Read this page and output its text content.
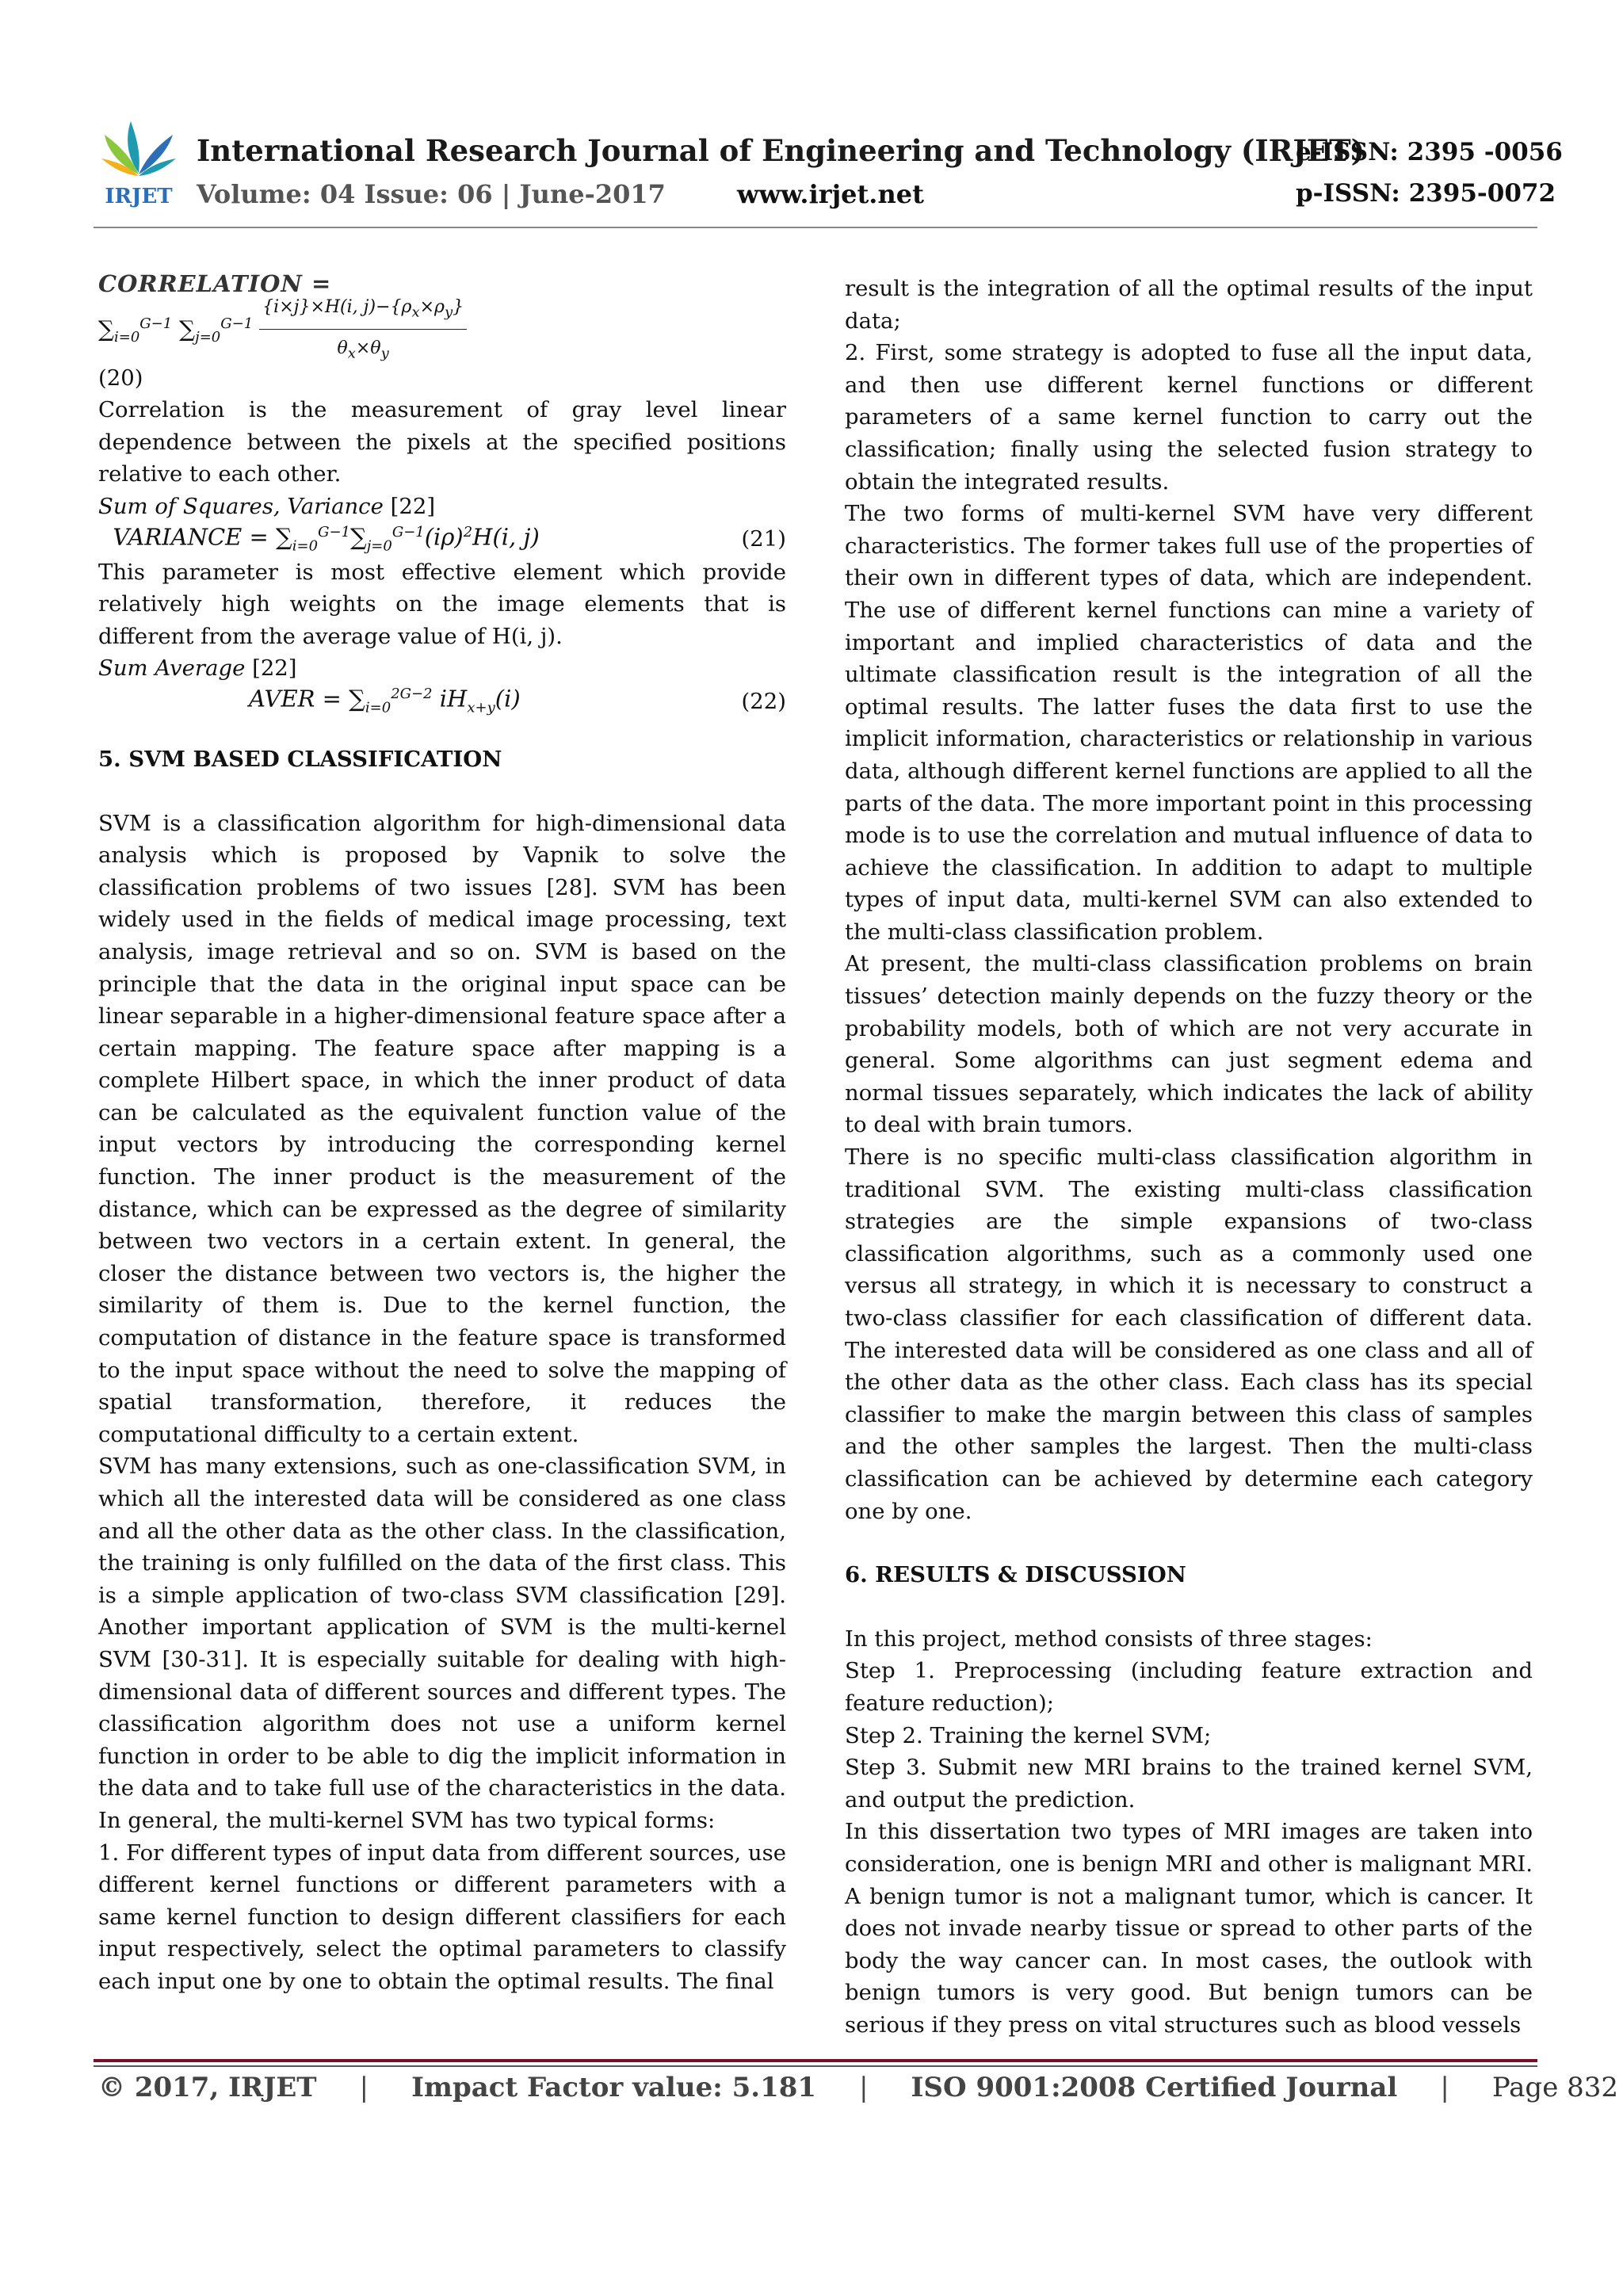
IRJET
International Research Journal of Engineering and Technology (IRJET)
e-ISSN: 2395 -0056
Volume: 04 Issue: 06 | June-2017	www.irjet.net	p-ISSN: 2395-0072
CORRELATION =
$\sum_{i=0}^{G-1}$ $\sum_{j=0}^{G-1} \frac{\{i\times j\}\times H(i, j)-\{\rho_x\times\rho_y\}}{\theta_x\times\theta_y}$

(20)

Correlation is the measurement of gray level linear dependence between the pixels at the specified positions relative to each other.

Sum of Squares, Variance [22]

VARIANCE = $\sum_{i=0}^{G-1}\sum_{j=0}^{G-1}(i\rho)^2H(i$, j)	(21)

This parameter is most effective element which provide relatively high weights on the image elements that is different from the average value of H(i, j).

Sum Average [22]

AVER = $\sum_{i=0}^{2G-2}$ $iH_{x+y}(i)$	(22)

5. SVM BASED CLASSIFICATION

SVM is a classification algorithm for high-dimensional data analysis which is proposed by Vapnik to solve the classification problems of two issues [28]. SVM has been widely used in the fields of medical image processing, text analysis, image retrieval and so on. SVM is based on the principle that the data in the original input space can be linear separable in a higher-dimensional feature space after a certain mapping. The feature space after mapping is a complete Hilbert space, in which the inner product of data can be calculated as the equivalent function value of the input vectors by introducing the corresponding kernel function. The inner product is the measurement of the distance, which can be expressed as the degree of similarity between two vectors in a certain extent. In general, the closer the distance between two vectors is, the higher the similarity of them is. Due to the kernel function, the computation of distance in the feature space is transformed to the input space without the need to solve the mapping of spatial transformation, therefore, it reduces the computational difficulty to a certain extent.

SVM has many extensions, such as one-classification SVM, in which all the interested data will be considered as one class and all the other data as the other class. In the classification, the training is only fulfilled on the data of the first class. This is a simple application of two-class SVM classification [29]. Another important application of SVM is the multi-kernel SVM [30-31]. It is especially suitable for dealing with high-dimensional data of different sources and different types. The classification algorithm does not use a uniform kernel function in order to be able to dig the implicit information in the data and to take full use of the characteristics in the data. In general, the multi-kernel SVM has two typical forms:

1. For different types of input data from different sources, use different kernel functions or different parameters with a same kernel function to design different classifiers for each input respectively, select the optimal parameters to classify each input one by one to obtain the optimal results. The final

result is the integration of all the optimal results of the input data;

2. First, some strategy is adopted to fuse all the input data, and then use different kernel functions or different parameters of a same kernel function to carry out the classification; finally using the selected fusion strategy to obtain the integrated results.

The two forms of multi-kernel SVM have very different characteristics. The former takes full use of the properties of their own in different types of data, which are independent. The use of different kernel functions can mine a variety of important and implied characteristics of data and the ultimate classification result is the integration of all the optimal results. The latter fuses the data first to use the implicit information, characteristics or relationship in various data, although different kernel functions are applied to all the parts of the data. The more important point in this processing mode is to use the correlation and mutual influence of data to achieve the classification. In addition to adapt to multiple types of input data, multi-kernel SVM can also extended to the multi-class classification problem.

At present, the multi-class classification problems on brain tissues’ detection mainly depends on the fuzzy theory or the probability models, both of which are not very accurate in general. Some algorithms can just segment edema and normal tissues separately, which indicates the lack of ability to deal with brain tumors.

There is no specific multi-class classification algorithm in traditional SVM. The existing multi-class classification strategies are the simple expansions of two-class classification algorithms, such as a commonly used one versus all strategy, in which it is necessary to construct a two-class classifier for each classification of different data. The interested data will be considered as one class and all of the other data as the other class. Each class has its special classifier to make the margin between this class of samples and the other samples the largest. Then the multi-class classification can be achieved by determine each category one by one.

6. RESULTS & DISCUSSION

In this project, method consists of three stages:

Step 1. Preprocessing (including feature extraction and feature reduction);

Step 2. Training the kernel SVM;

Step 3. Submit new MRI brains to the trained kernel SVM, and output the prediction.

In this dissertation two types of MRI images are taken into consideration, one is benign MRI and other is malignant MRI. A benign tumor is not a malignant tumor, which is cancer. It does not invade nearby tissue or spread to other parts of the body the way cancer can. In most cases, the outlook with benign tumors is very good. But benign tumors can be serious if they press on vital structures such as blood vessels

© 2017, IRJET | Impact Factor value: 5.181 | ISO 9001:2008 Certified Journal | Page 832
